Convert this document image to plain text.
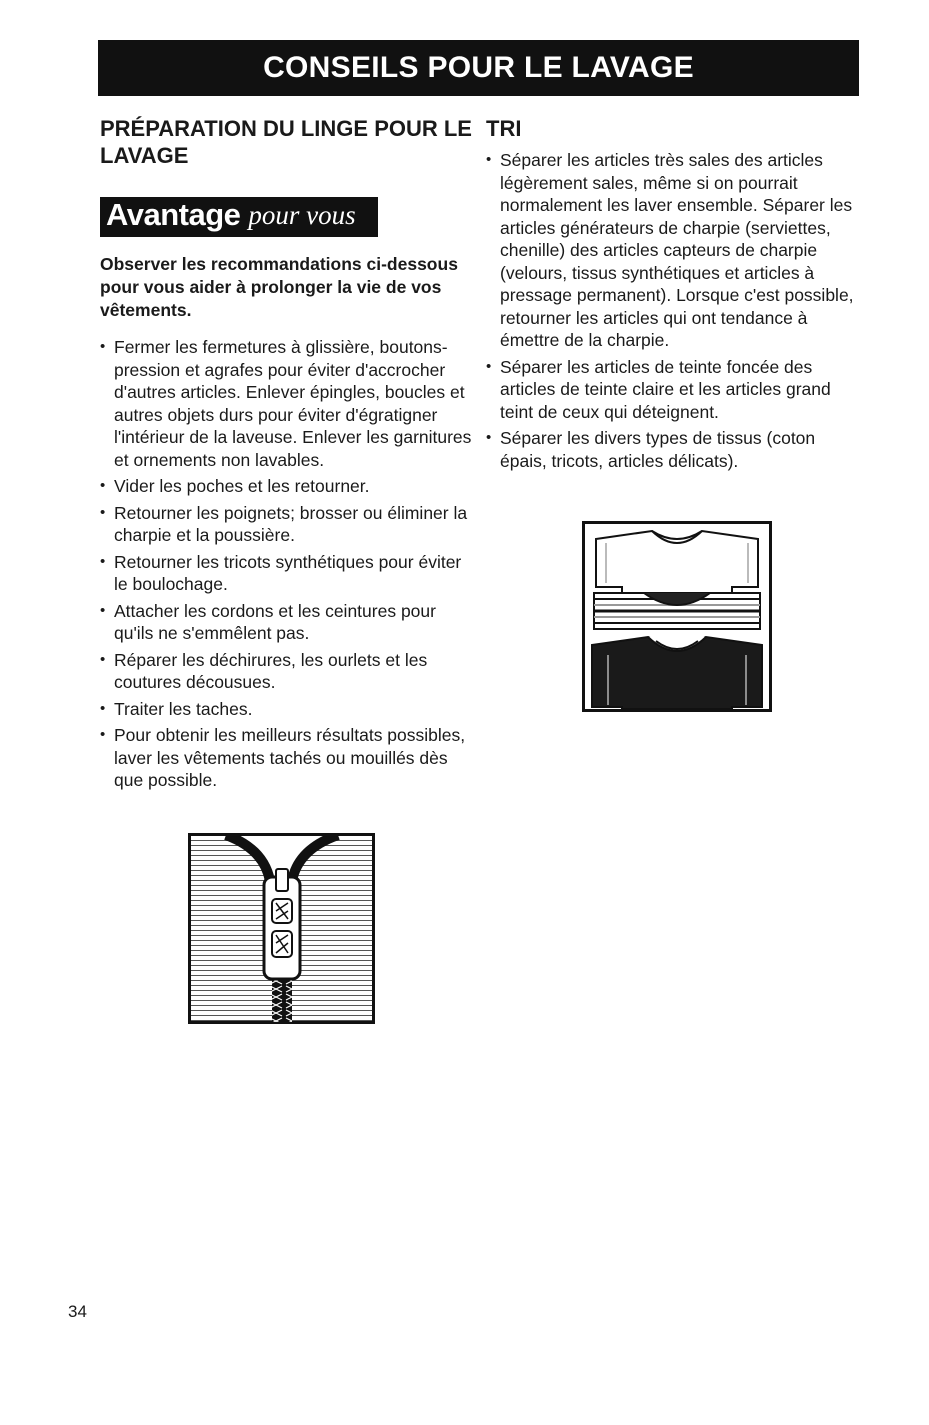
CONSEILS POUR LE LAVAGE
PRÉPARATION DU LINGE POUR LE LAVAGE
Avantage pour vous

Observer les recommandations ci-dessous pour vous aider à prolonger la vie de vos vêtements.

• Fermer les fermetures à glissière, boutons-pression et agrafes pour éviter d'accrocher d'autres articles. Enlever épingles, boucles et autres objets durs pour éviter d'égratigner l'intérieur de la laveuse. Enlever les garnitures et ornements non lavables.
• Vider les poches et les retourner.
• Retourner les poignets; brosser ou éliminer la charpie et la poussière.
• Retourner les tricots synthétiques pour éviter le boulochage.
• Attacher les cordons et les ceintures pour qu'ils ne s'emmêlent pas.
• Réparer les déchirures, les ourlets et les coutures décousues.
• Traiter les taches.
• Pour obtenir les meilleurs résultats possibles, laver les vêtements tachés ou mouillés dès que possible.
TRI
• Séparer les articles très sales des articles légèrement sales, même si on pourrait normalement les laver ensemble. Séparer les articles générateurs de charpie (serviettes, chenille) des articles capteurs de charpie (velours, tissus synthétiques et articles à pressage permanent). Lorsque c'est possible, retourner les articles qui ont tendance à émettre de la charpie.
• Séparer les articles de teinte foncée des articles de teinte claire et les articles grand teint de ceux qui déteignent.
• Séparer les divers types de tissus (coton épais, tricots, articles délicats).
34
